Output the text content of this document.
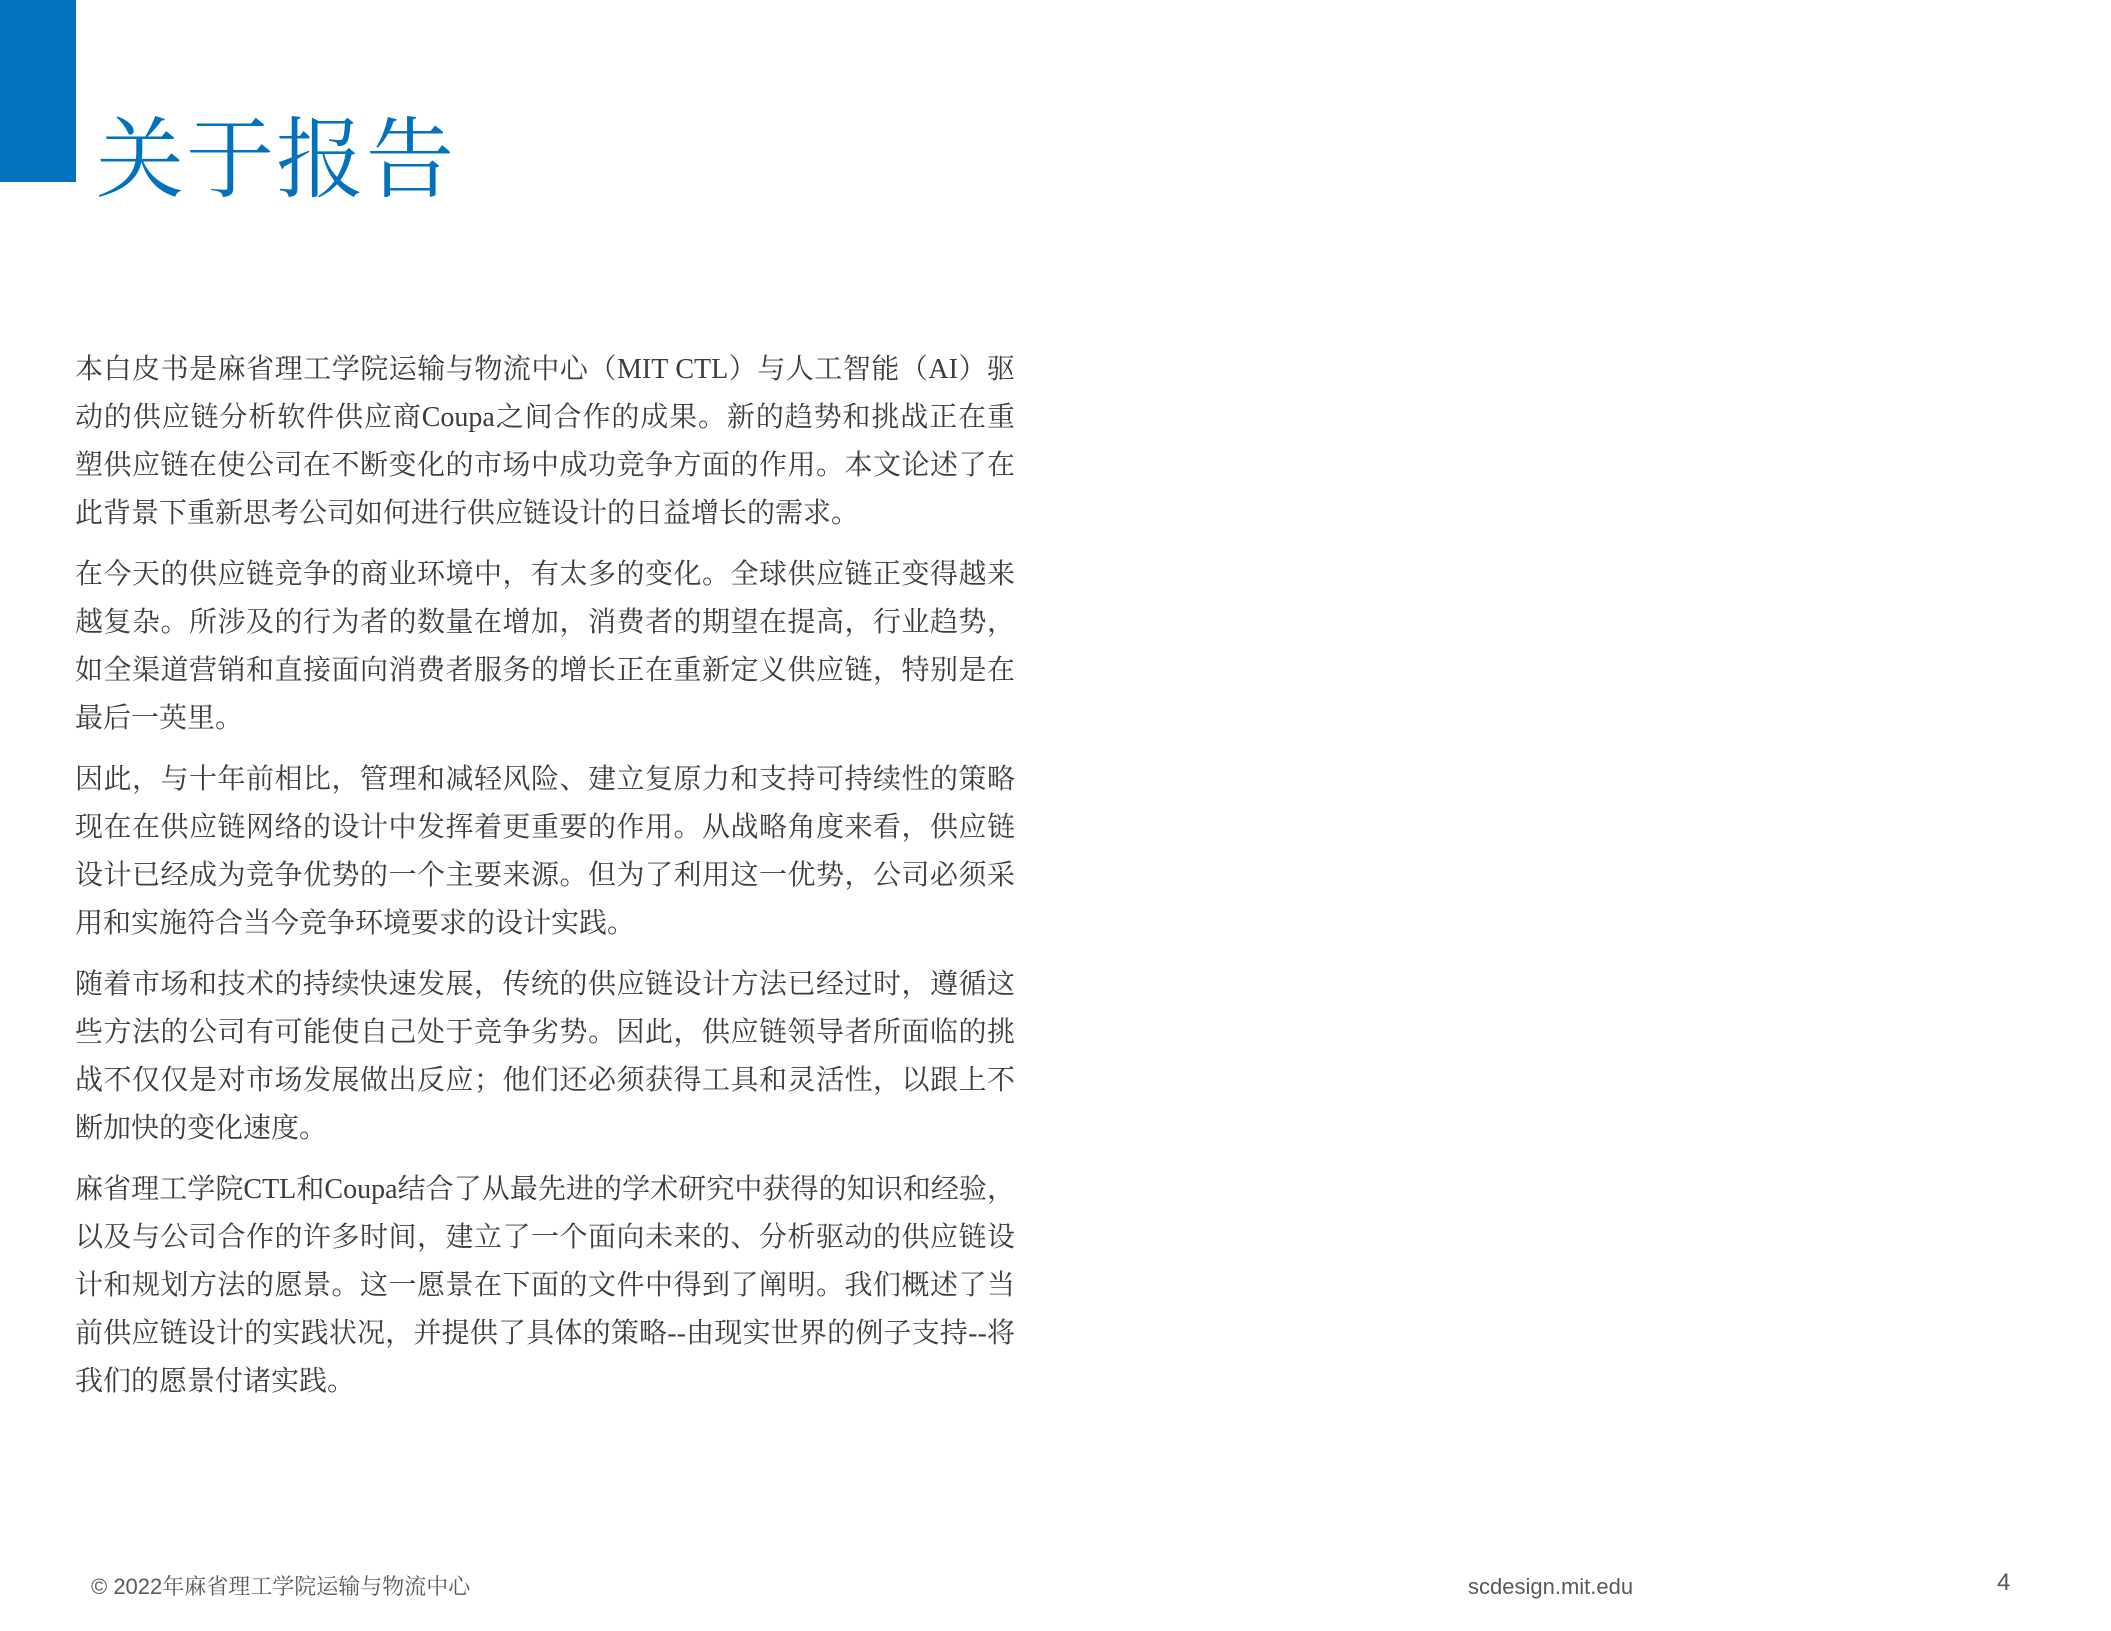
关于报告

本白皮书是麻省理工学院运输与物流中心（MIT CTL）与人工智能（AI）驱动的供应链分析软件供应商Coupa之间合作的成果。新的趋势和挑战正在重塑供应链在使公司在不断变化的市场中成功竞争方面的作用。本文论述了在此背景下重新思考公司如何进行供应链设计的日益增长的需求。

在今天的供应链竞争的商业环境中，有太多的变化。全球供应链正变得越来越复杂。所涉及的行为者的数量在增加，消费者的期望在提高，行业趋势，如全渠道营销和直接面向消费者服务的增长正在重新定义供应链，特别是在最后一英里。

因此，与十年前相比，管理和减轻风险、建立复原力和支持可持续性的策略现在在供应链网络的设计中发挥着更重要的作用。从战略角度来看，供应链设计已经成为竞争优势的一个主要来源。但为了利用这一优势，公司必须采用和实施符合当今竞争环境要求的设计实践。

随着市场和技术的持续快速发展，传统的供应链设计方法已经过时，遵循这些方法的公司有可能使自己处于竞争劣势。因此，供应链领导者所面临的挑战不仅仅是对市场发展做出反应；他们还必须获得工具和灵活性，以跟上不断加快的变化速度。

麻省理工学院CTL和Coupa结合了从最先进的学术研究中获得的知识和经验，以及与公司合作的许多时间，建立了一个面向未来的、分析驱动的供应链设计和规划方法的愿景。这一愿景在下面的文件中得到了阐明。我们概述了当前供应链设计的实践状况，并提供了具体的策略--由现实世界的例子支持--将我们的愿景付诸实践。

© 2022年麻省理工学院运输与物流中心	scdesign.mit.edu	4
